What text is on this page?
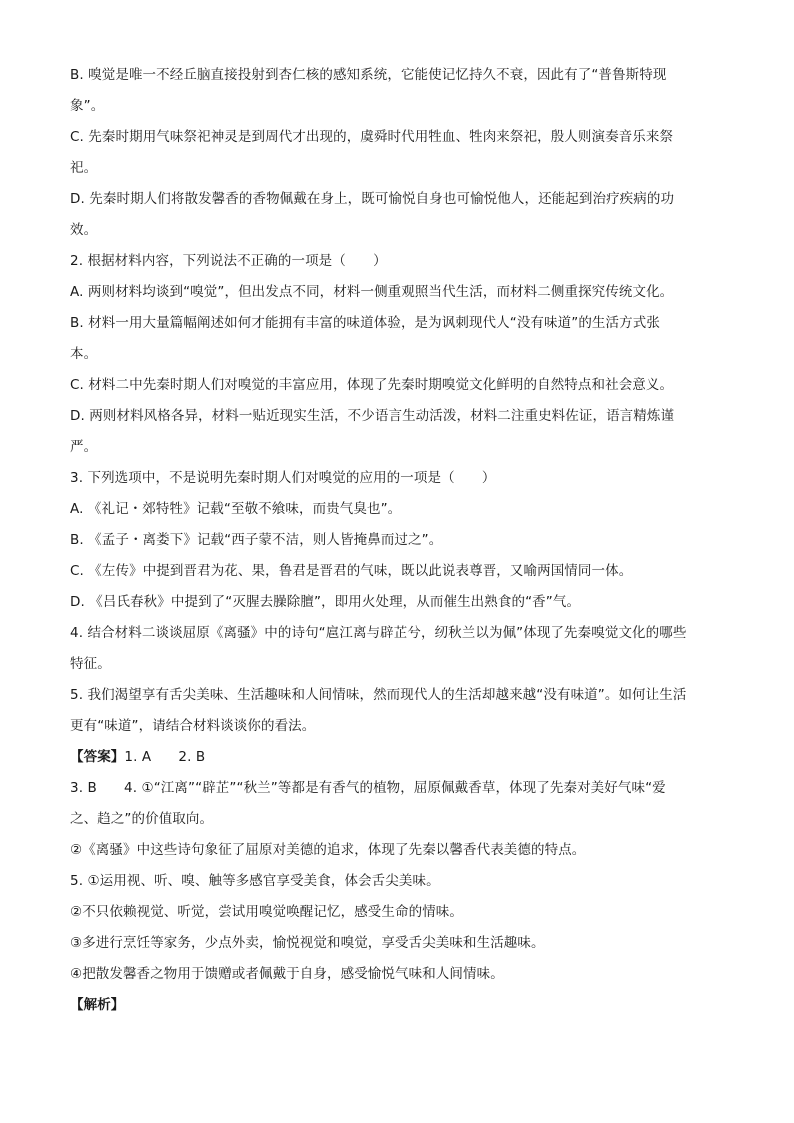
B. 嗅觉是唯一不经丘脑直接投射到杏仁核的感知系统，它能使记忆持久不衰，因此有了“普鲁斯特现
象”。
C. 先秦时期用气味祭祀神灵是到周代才出现的，虞舜时代用牲血、牲肉来祭祀，殷人则演奏音乐来祭
祀。
D. 先秦时期人们将散发馨香的香物佩戴在身上，既可愉悦自身也可愉悦他人，还能起到治疗疾病的功
效。
2. 根据材料内容，下列说法不正确的一项是（　　）
A. 两则材料均谈到“嗅觉”，但出发点不同，材料一侧重观照当代生活，而材料二侧重探究传统文化。
B. 材料一用大量篇幅阐述如何才能拥有丰富的味道体验，是为讽刺现代人“没有味道”的生活方式张
本。
C. 材料二中先秦时期人们对嗅觉的丰富应用，体现了先秦时期嗅觉文化鲜明的自然特点和社会意义。
D. 两则材料风格各异，材料一贴近现实生活，不少语言生动活泼，材料二注重史料佐证，语言精炼谨
严。
3. 下列选项中，不是说明先秦时期人们对嗅觉的应用的一项是（　　）
A. 《礼记・郊特牲》记载“至敬不飨味，而贵气臭也”。
B. 《孟子・离娄下》记载“西子蒙不洁，则人皆掩鼻而过之”。
C. 《左传》中提到晋君为花、果，鲁君是晋君的气味，既以此说表尊晋，又喻两国情同一体。
D. 《吕氏春秋》中提到了“灭腥去臊除膻”，即用火处理，从而催生出熟食的“香”气。
4. 结合材料二谈谈屈原《离骚》中的诗句“扈江离与辟芷兮，纫秋兰以为佩”体现了先秦嗅觉文化的哪些
特征。
5. 我们渴望享有舌尖美味、生活趣味和人间情味，然而现代人的生活却越来越“没有味道”。如何让生活
更有“味道”，请结合材料谈谈你的看法。
【答案】1. A　　2. B
3. B　　4. ①“江离”“辟芷”“秋兰”等都是有香气的植物，屈原佩戴香草，体现了先秦对美好气味“爱
之、趋之”的价值取向。
②《离骚》中这些诗句象征了屈原对美德的追求，体现了先秦以馨香代表美德的特点。
5. ①运用视、听、嗅、触等多感官享受美食，体会舌尖美味。
②不只依赖视觉、听觉，尝试用嗅觉唤醒记忆，感受生命的情味。
③多进行烹饪等家务，少点外卖，愉悦视觉和嗅觉，享受舌尖美味和生活趣味。
④把散发馨香之物用于馈赠或者佩戴于自身，感受愉悦气味和人间情味。
【解析】
